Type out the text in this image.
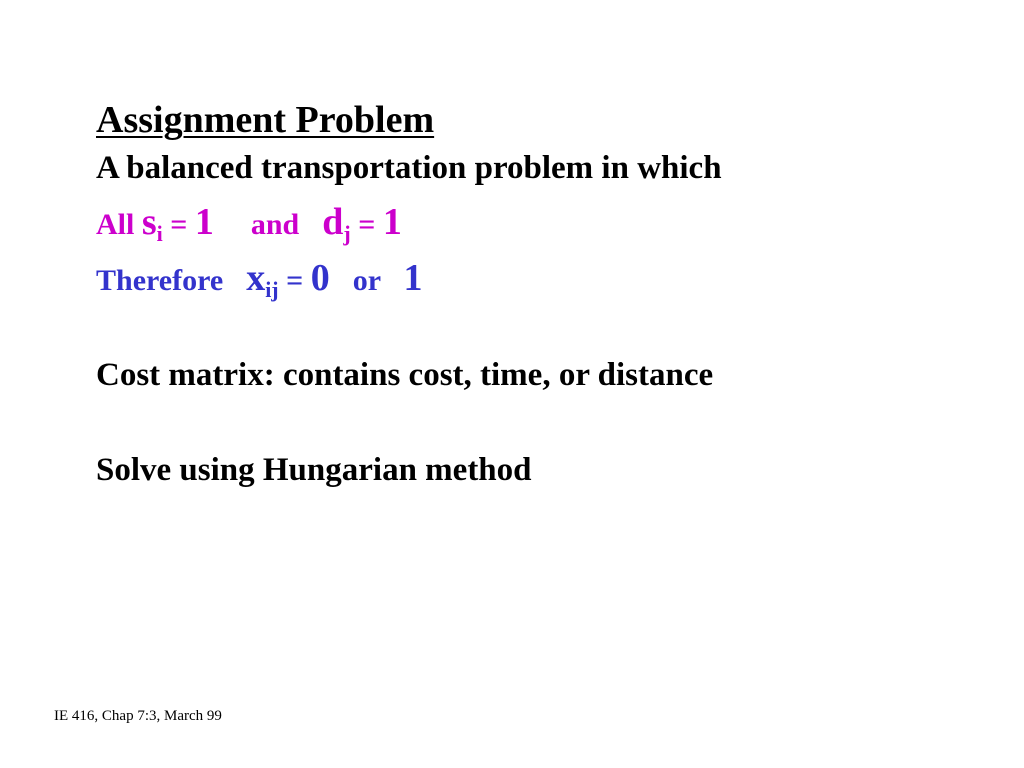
Assignment Problem
A balanced transportation problem in which
All $s_i = 1$ and $d_j = 1$
Therefore $x_{ij} = 0$ or 1
Cost matrix: contains cost, time, or distance
Solve using Hungarian method
IE 416, Chap 7:3, March 99
